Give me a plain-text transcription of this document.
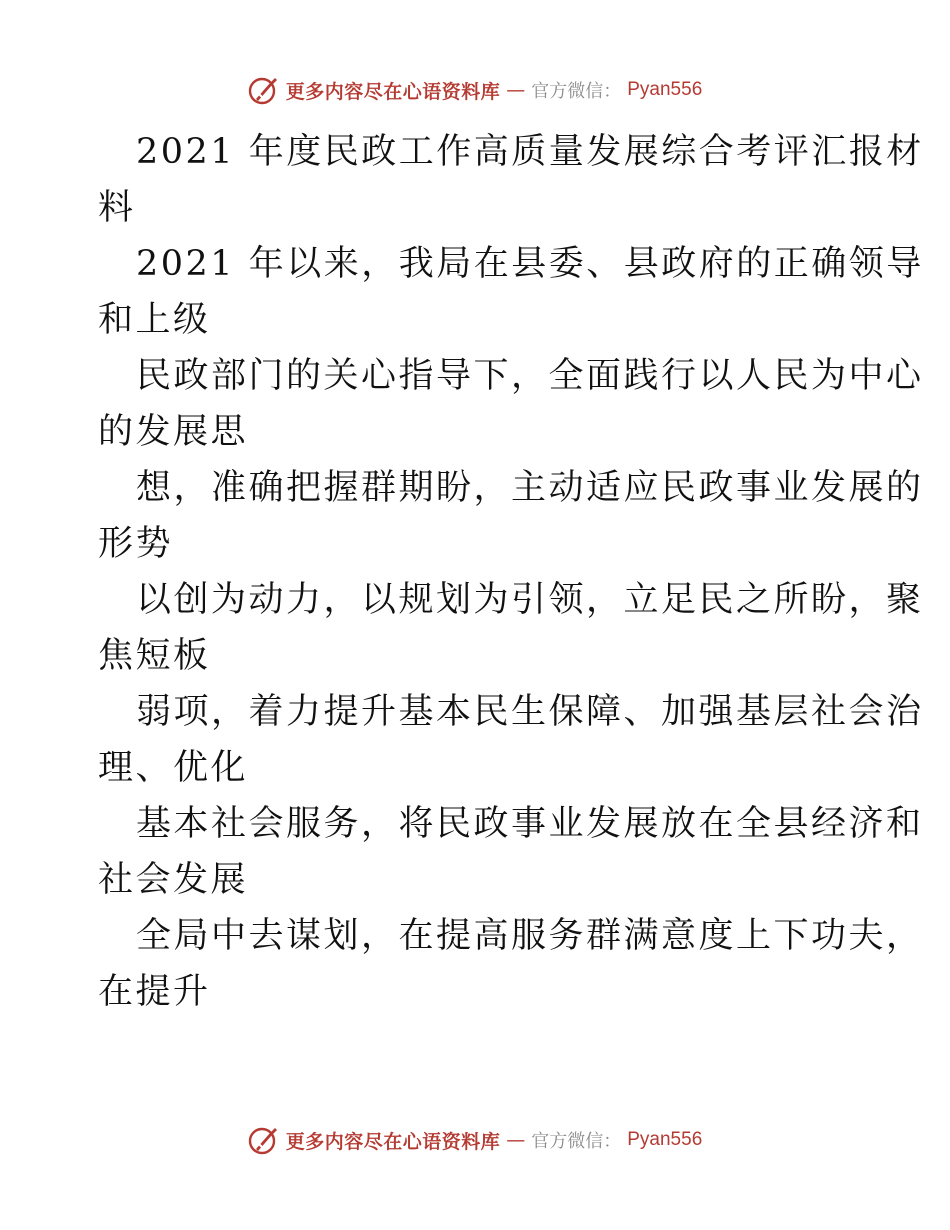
更多内容尽在心语资料库 — 官方微信： Pyan556

2021 年度民政工作高质量发展综合考评汇报材

料

2021 年以来，我局在县委、县政府的正确领导

和上级

民政部门的关心指导下，全面践行以人民为中心

的发展思

想，准确把握群期盼，主动适应民政事业发展的

形势

以创为动力，以规划为引领，立足民之所盼，聚

焦短板

弱项，着力提升基本民生保障、加强基层社会治

理、优化

基本社会服务，将民政事业发展放在全县经济和

社会发展

全局中去谋划，在提高服务群满意度上下功夫，

在提升

更多内容尽在心语资料库 — 官方微信： Pyan556
